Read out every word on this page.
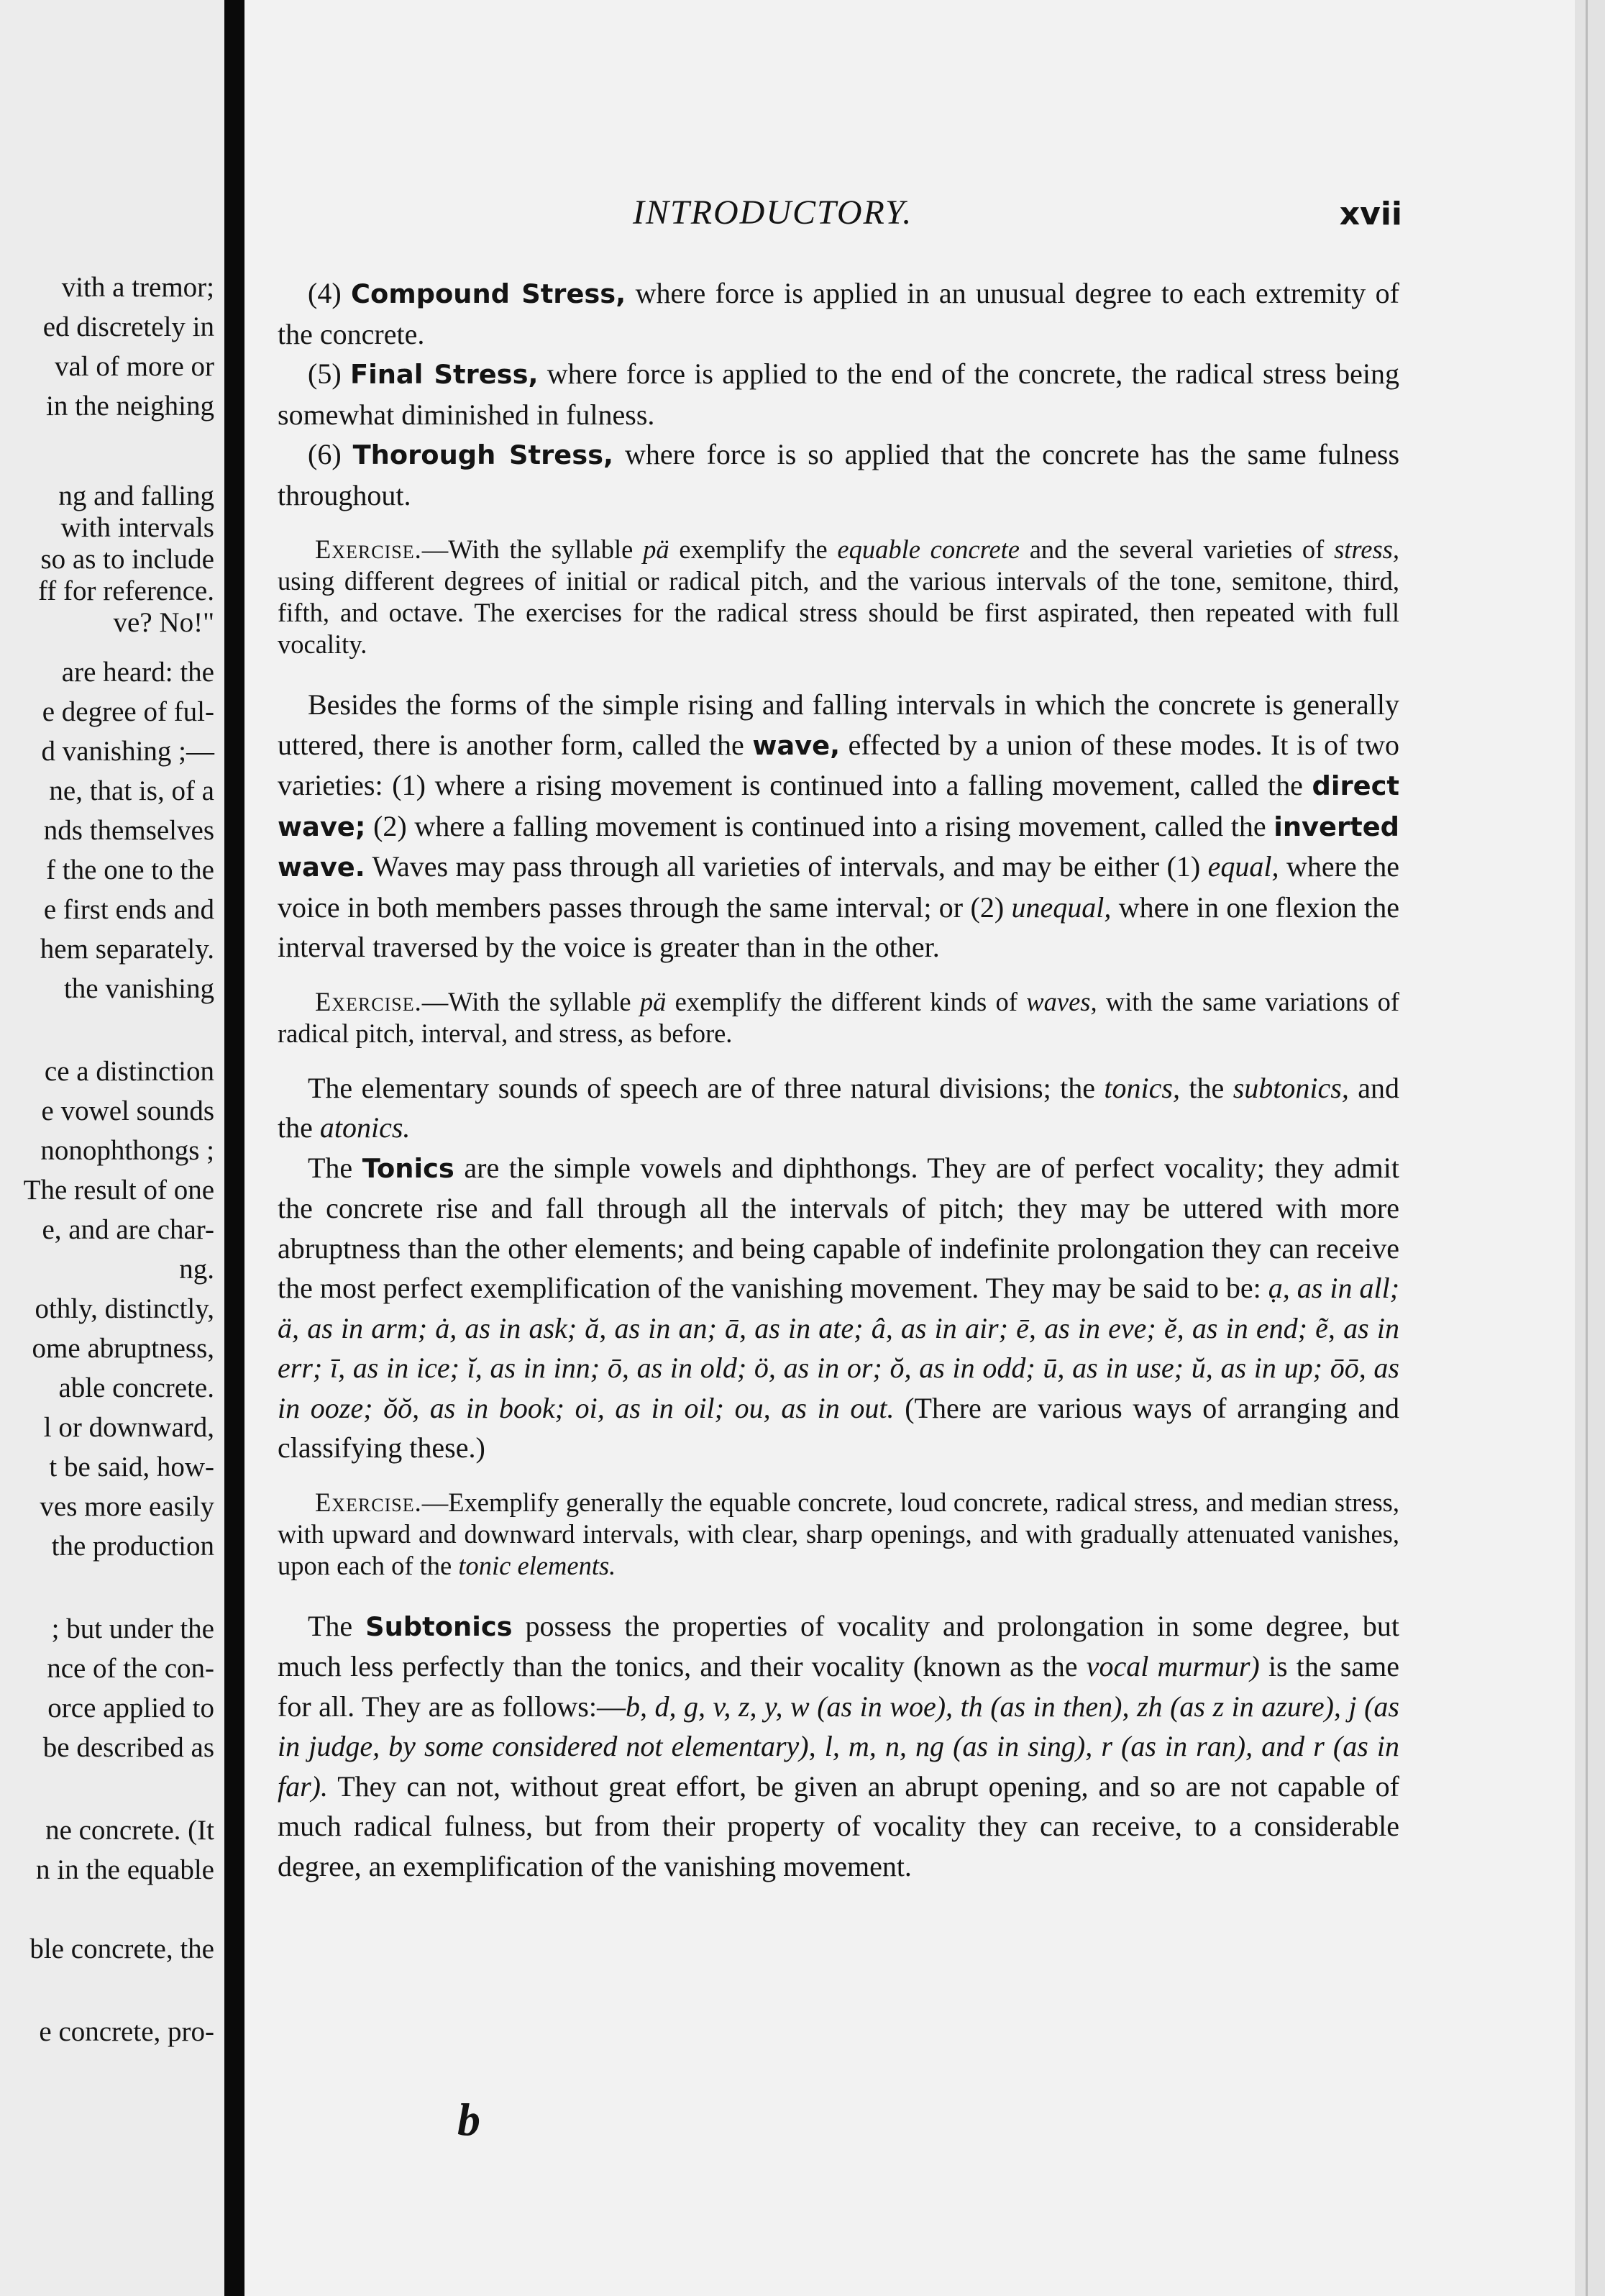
vith a tremor;
ed discretely in
val of more or
in the neighing
ng and falling
with intervals
so as to include
ff for reference.
ve? No!"
are heard: the
e degree of ful-
d vanishing ;—
ne, that is, of a
nds themselves
f the one to the
e first ends and
hem separately.
the vanishing
ce a distinction
e vowel sounds
nonophthongs ;
The result of one
e, and are char-
ng.
othly, distinctly,
ome abruptness,
able concrete.
l or downward,
t be said, how-
ves more easily
the production
; but under the
nce of the con-
orce applied to
be described as
ne concrete. (It
n in the equable
ble concrete, the
e concrete, pro-
INTRODUCTORY.	xvii

(4) Compound Stress, where force is applied in an unusual degree to each extremity of the concrete.

(5) Final Stress, where force is applied to the end of the concrete, the radical stress being somewhat diminished in fulness.

(6) Thorough Stress, where force is so applied that the concrete has the same fulness throughout.

Exercise.—With the syllable pä exemplify the equable concrete and the several varieties of stress, using different degrees of initial or radical pitch, and the various intervals of the tone, semitone, third, fifth, and octave. The exercises for the radical stress should be first aspirated, then repeated with full vocality.

Besides the forms of the simple rising and falling intervals in which the concrete is generally uttered, there is another form, called the wave, effected by a union of these modes. It is of two varieties: (1) where a rising movement is continued into a falling movement, called the direct wave; (2) where a falling movement is continued into a rising movement, called the inverted wave. Waves may pass through all varieties of intervals, and may be either (1) equal, where the voice in both members passes through the same interval; or (2) unequal, where in one flexion the interval traversed by the voice is greater than in the other.

Exercise.—With the syllable pä exemplify the different kinds of waves, with the same variations of radical pitch, interval, and stress, as before.

The elementary sounds of speech are of three natural divisions; the tonics, the subtonics, and the atonics.

The Tonics are the simple vowels and diphthongs. They are of perfect vocality; they admit the concrete rise and fall through all the intervals of pitch; they may be uttered with more abruptness than the other elements; and being capable of indefinite prolongation they can receive the most perfect exemplification of the vanishing movement. They may be said to be: ạ, as in all; ä, as in arm; ȧ, as in ask; ă, as in an; ā, as in ate; â, as in air; ē, as in eve; ĕ, as in end; ẽ, as in err; ī, as in ice; ĭ, as in inn; ō, as in old; ö, as in or; ŏ, as in odd; ū, as in use; ŭ, as in up; ōō, as in ooze; ŏŏ, as in book; oi, as in oil; ou, as in out. (There are various ways of arranging and classifying these.)

Exercise.—Exemplify generally the equable concrete, loud concrete, radical stress, and median stress, with upward and downward intervals, with clear, sharp openings, and with gradually attenuated vanishes, upon each of the tonic elements.

The Subtonics possess the properties of vocality and prolongation in some degree, but much less perfectly than the tonics, and their vocality (known as the vocal murmur) is the same for all. They are as follows:—b, d, g, v, z, y, w (as in woe), th (as in then), zh (as z in azure), j (as in judge, by some considered not elementary), l, m, n, ng (as in sing), r (as in ran), and r (as in far). They can not, without great effort, be given an abrupt opening, and so are not capable of much radical fulness, but from their property of vocality they can receive, to a considerable degree, an exemplification of the vanishing movement.

b
